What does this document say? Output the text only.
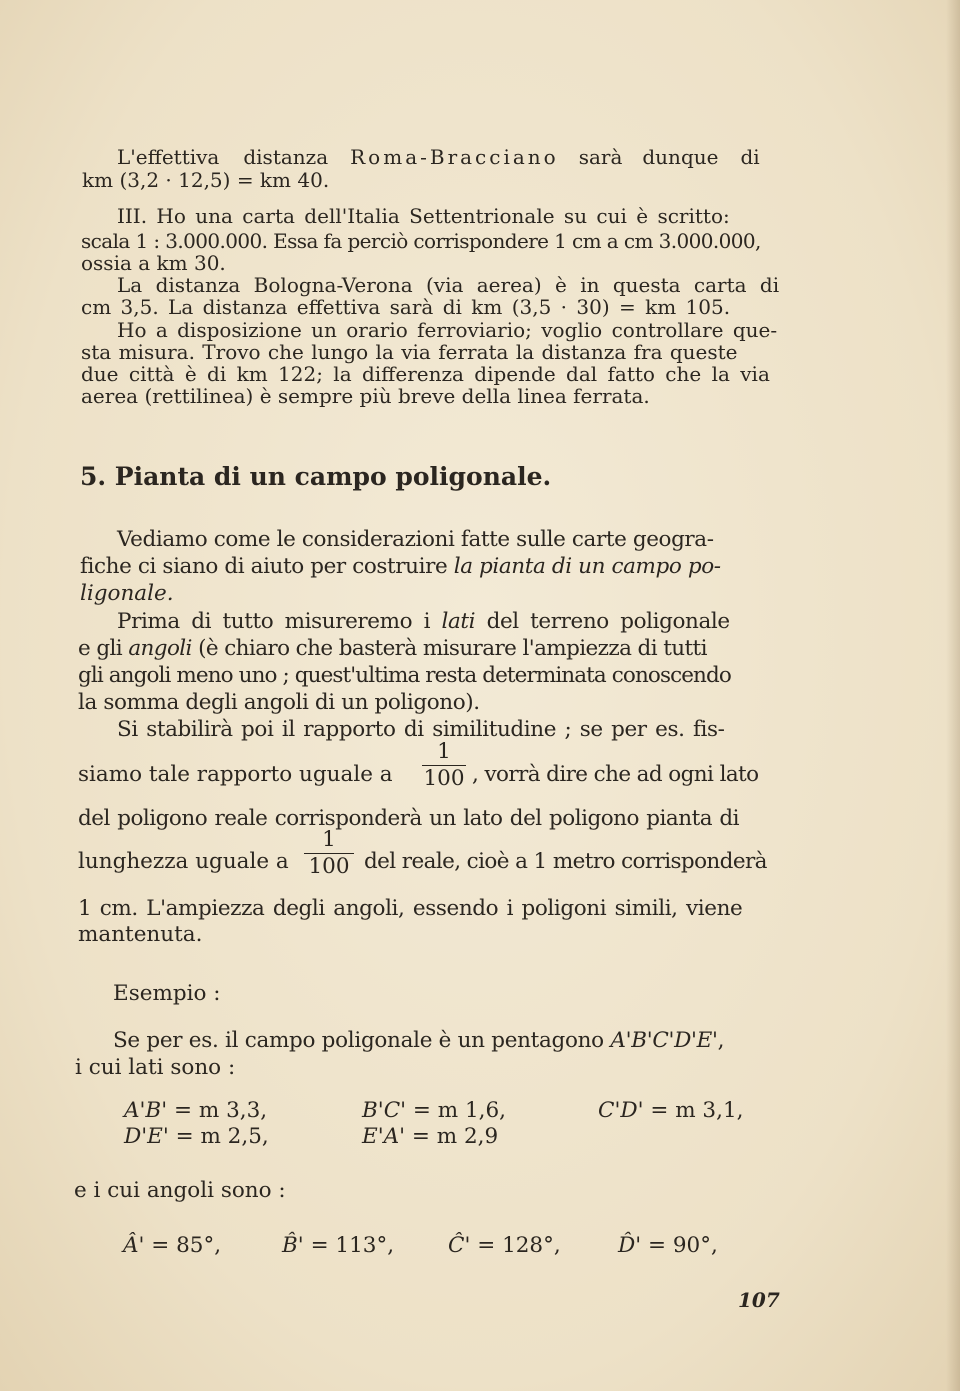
L'effettiva distanza Roma-Bracciano sarà dunque di
km (3,2 · 12,5) = km 40.
III. Ho una carta dell'Italia Settentrionale su cui è scritto:
scala 1 : 3.000.000. Essa fa perciò corrispondere 1 cm a cm 3.000.000,
ossia a km 30.
La distanza Bologna-Verona (via aerea) è in questa carta di
cm 3,5. La distanza effettiva sarà di km (3,5 · 30) = km 105.
Ho a disposizione un orario ferroviario; voglio controllare que-
sta misura. Trovo che lungo la via ferrata la distanza fra queste
due città è di km 122; la differenza dipende dal fatto che la via
aerea (rettilinea) è sempre più breve della linea ferrata.
5. Pianta di un campo poligonale.
Vediamo come le considerazioni fatte sulle carte geogra-
fiche ci siano di aiuto per costruire la pianta di un campo po-
ligonale.
Prima di tutto misureremo i lati del terreno poligonale
e gli angoli (è chiaro che basterà misurare l'ampiezza di tutti
gli angoli meno uno ; quest'ultima resta determinata conoscendo
la somma degli angoli di un poligono).
Si stabilirà poi il rapporto di similitudine ; se per es. fis-
siamo tale rapporto uguale a
1
100 , vorrà dire che ad ogni lato
del poligono reale corrisponderà un lato del poligono pianta di
lunghezza uguale a
1
100 del reale, cioè a 1 metro corrisponderà
1 cm. L'ampiezza degli angoli, essendo i poligoni simili, viene
mantenuta.
Esempio :
Se per es. il campo poligonale è un pentagono A'B'C'D'E',
i cui lati sono :
A'B' = m 3,3,	B'C' = m 1,6,	C'D' = m 3,1,
D'E' = m 2,5,	E'A' = m 2,9
e i cui angoli sono :
Â' = 85°,	B̂' = 113°,	Ĉ' = 128°,	D̂' = 90°,
107
